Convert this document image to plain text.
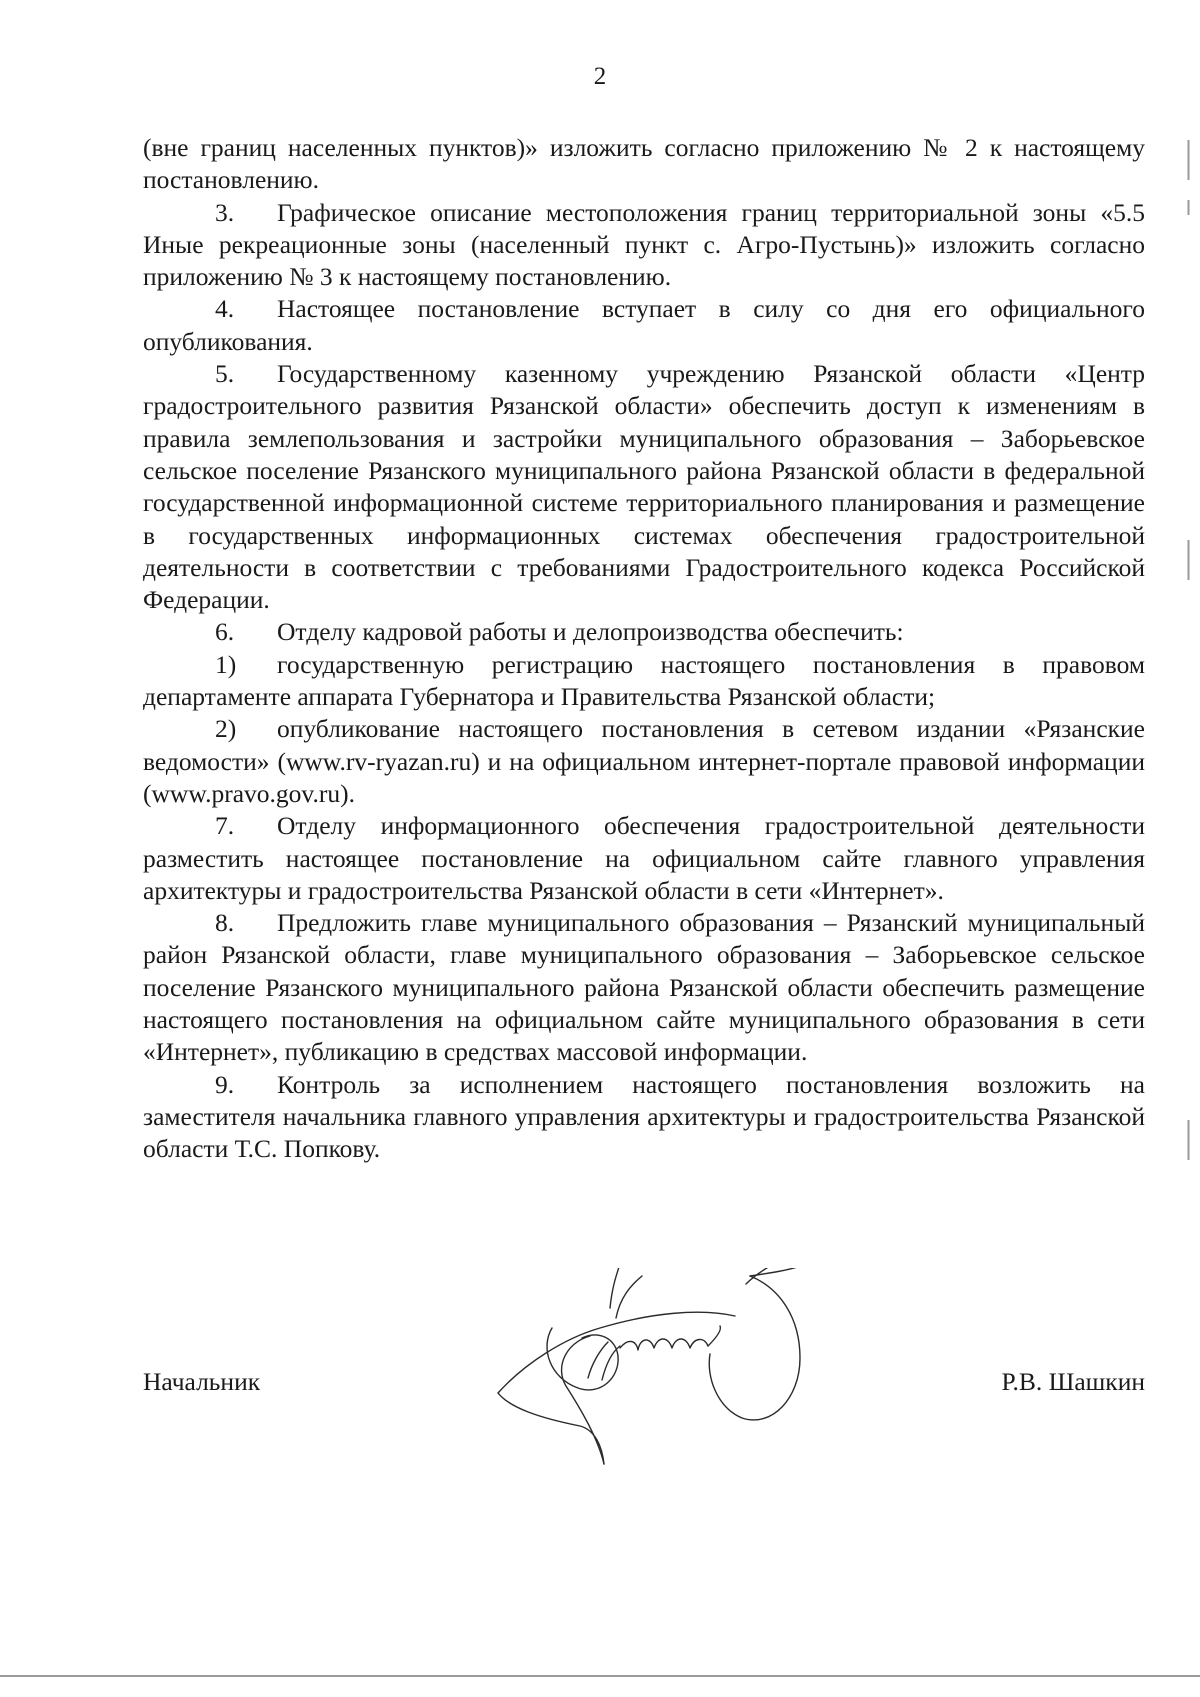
2

(вне границ населенных пунктов)» изложить согласно приложению № 2 к настоящему постановлению.

3. Графическое описание местоположения границ территориальной зоны «5.5 Иные рекреационные зоны (населенный пункт с. Агро-Пустынь)» изложить согласно приложению № 3 к настоящему постановлению.

4. Настоящее постановление вступает в силу со дня его официального опубликования.

5. Государственному казенному учреждению Рязанской области «Центр градостроительного развития Рязанской области» обеспечить доступ к изменениям в правила землепользования и застройки муниципального образования – Заборьевское сельское поселение Рязанского муниципального района Рязанской области в федеральной государственной информационной системе территориального планирования и размещение в государственных информационных системах обеспечения градостроительной деятельности в соответствии с требованиями Градостроительного кодекса Российской Федерации.

6. Отделу кадровой работы и делопроизводства обеспечить:

1) государственную регистрацию настоящего постановления в правовом департаменте аппарата Губернатора и Правительства Рязанской области;

2) опубликование настоящего постановления в сетевом издании «Рязанские ведомости» (www.rv-ryazan.ru) и на официальном интернет-портале правовой информации (www.pravo.gov.ru).

7. Отделу информационного обеспечения градостроительной деятельности разместить настоящее постановление на официальном сайте главного управления архитектуры и градостроительства Рязанской области в сети «Интернет».

8. Предложить главе муниципального образования – Рязанский муниципальный район Рязанской области, главе муниципального образования – Заборьевское сельское поселение Рязанского муниципального района Рязанской области обеспечить размещение настоящего постановления на официальном сайте муниципального образования в сети «Интернет», публикацию в средствах массовой информации.

9. Контроль за исполнением настоящего постановления возложить на заместителя начальника главного управления архитектуры и градостроительства Рязанской области Т.С. Попкову.

Начальник	Р.В. Шашкин
